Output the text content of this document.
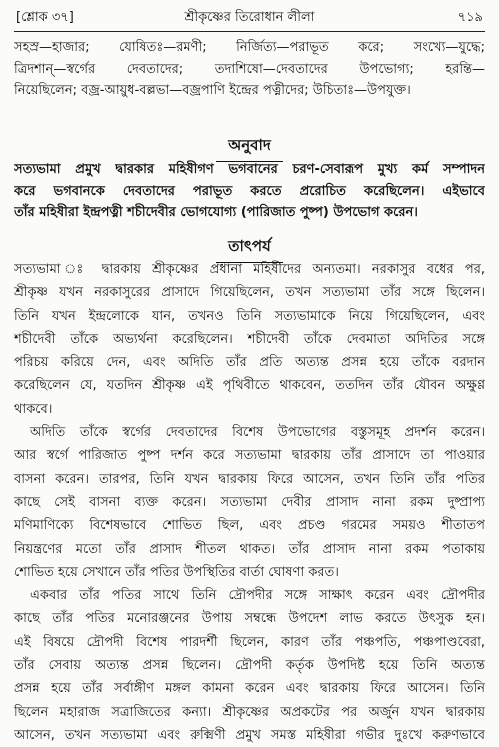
[শ্লোক ৩৭]	শ্রীকৃষ্ণের তিরোধান লীলা	৭১৯
সহস্র—হাজার; যোষিতঃ—রমণী; নির্জিত্য—পরাভূত করে; সংখ্যে—যুদ্ধে;
ত্রিদশান্—স্বর্গের দেবতাদের; তদাশিষো—দেবতাদের উপভোগ্য; হরন্তি—
নিয়েছিলেন; বজ্র-আয়ুধ-বল্লভা—বজ্রপাণি ইন্দ্রের পত্নীদের; উচিতাঃ—উপযুক্ত।
অনুবাদ
সত্যভামা প্রমুখ দ্বারকার মহিষীগণ ভগবানের চরণ-সেবারূপ মুখ্য কর্ম সম্পাদন
করে ভগবানকে দেবতাদের পরাভূত করতে প্ররোচিত করেছিলেন। এইভাবে
তাঁর মহিষীরা ইন্দ্রপত্নী শচীদেবীর ভোগযোগ্য (পারিজাত পুষ্প) উপভোগ করেন।
তাৎপর্য
সত্যভামা ঃ দ্বারকায় শ্রীকৃষ্ণের প্রধানা মহিষীদের অন্যতমা। নরকাসুর বধের পর,
শ্রীকৃষ্ণ যখন নরকাসুরের প্রাসাদে গিয়েছিলেন, তখন সত্যভামা তাঁর সঙ্গে ছিলেন।
তিনি যখন ইন্দ্রলোকে যান, তখনও তিনি সত্যভামাকে নিয়ে গিয়েছিলেন, এবং
শচীদেবী তাঁকে অভ্যর্থনা করেছিলেন। শচীদেবী তাঁকে দেবমাতা অদিতির সঙ্গে
পরিচয় করিয়ে দেন, এবং অদিতি তাঁর প্রতি অত্যন্ত প্রসন্ন হয়ে তাঁকে বরদান
করেছিলেন যে, যতদিন শ্রীকৃষ্ণ এই পৃথিবীতে থাকবেন, ততদিন তাঁর যৌবন অক্ষুণ্ণ
থাকবে।
অদিতি তাঁকে স্বর্গের দেবতাদের বিশেষ উপভোগের বস্তুসমূহ প্রদর্শন করেন।
আর স্বর্গে পারিজাত পুষ্প দর্শন করে সত্যভামা দ্বারকায় তাঁর প্রাসাদে তা পাওয়ার
বাসনা করেন। তারপর, তিনি যখন দ্বারকায় ফিরে আসেন, তখন তিনি তাঁর পতির
কাছে সেই বাসনা ব্যক্ত করেন। সত্যভামা দেবীর প্রাসাদ নানা রকম দুষ্প্রাপ্য
মণিমাণিক্যে বিশেষভাবে শোভিত ছিল, এবং প্রচণ্ড গরমের সময়ও শীতাতপ
নিয়ন্ত্রণের মতো তাঁর প্রাসাদ শীতল থাকত। তাঁর প্রাসাদ নানা রকম পতাকায়
শোভিত হয়ে সেখানে তাঁর পতির উপস্থিতির বার্তা ঘোষণা করত।
একবার তাঁর পতির সাথে তিনি দ্রৌপদীর সঙ্গে সাক্ষাৎ করেন এবং দ্রৌপদীর
কাছে তাঁর পতির মনোরঞ্জনের উপায় সম্বন্ধে উপদেশ লাভ করতে উৎসুক হন।
এই বিষয়ে দ্রৌপদী বিশেষ পারদর্শী ছিলেন, কারণ তাঁর পঞ্চপতি, পঞ্চপাণ্ডবেরা,
তাঁর সেবায় অত্যন্ত প্রসন্ন ছিলেন। দ্রৌপদী কর্তৃক উপদিষ্ট হয়ে তিনি অত্যন্ত
প্রসন্ন হয়ে তাঁর সর্বাঙ্গীণ মঙ্গল কামনা করেন এবং দ্বারকায় ফিরে আসেন। তিনি
ছিলেন মহারাজ সত্রাজিতের কন্যা। শ্রীকৃষ্ণের অপ্রকটের পর অর্জুন যখন দ্বারকায়
আসেন, তখন সত্যভামা এবং রুক্মিণী প্রমুখ সমস্ত মহিষীরা গভীর দুঃখে করুণভাবে
